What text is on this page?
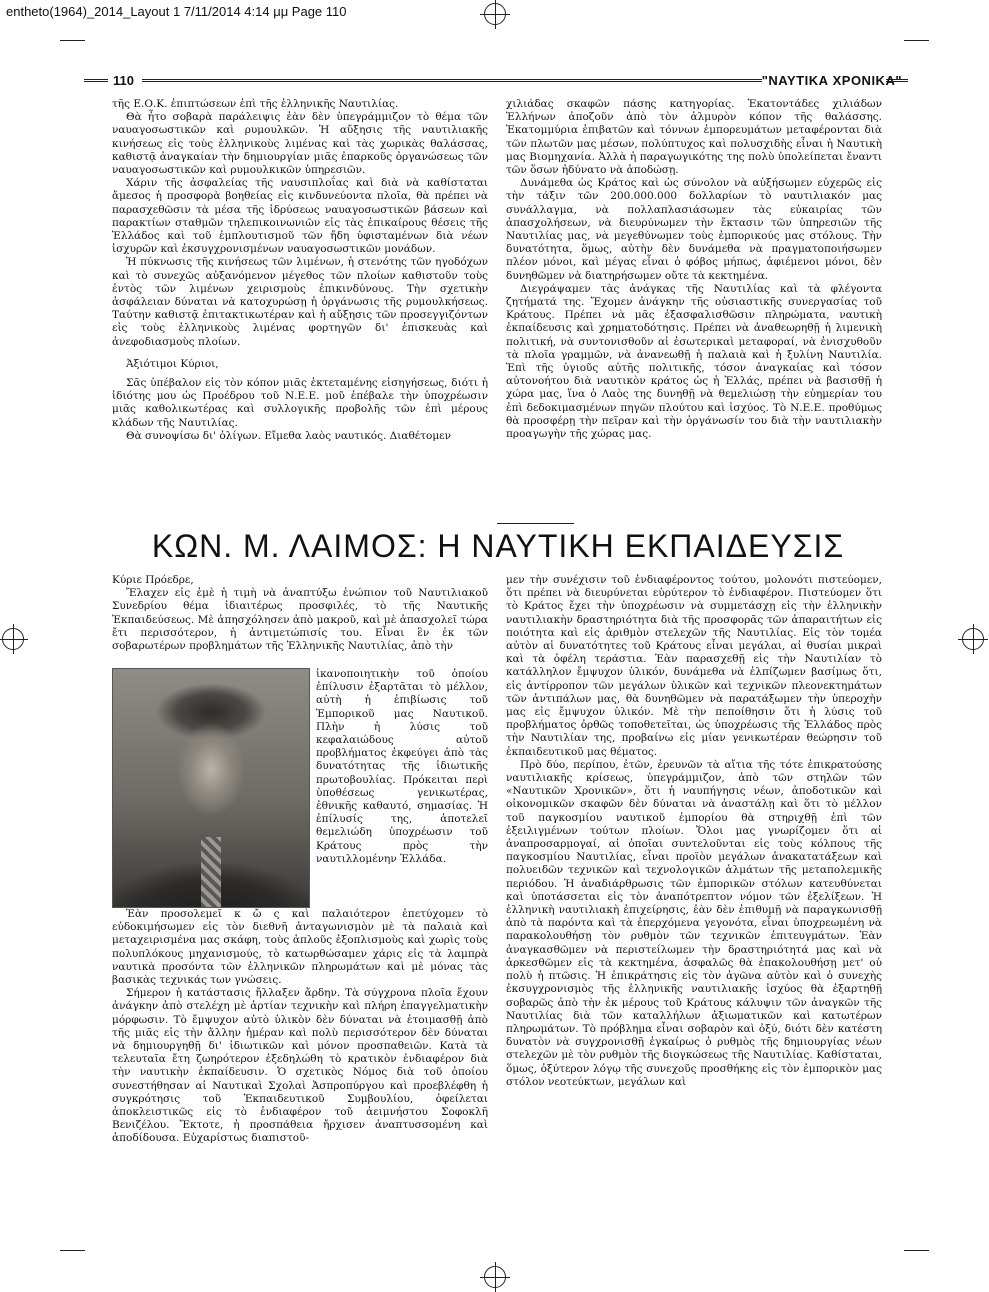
entheto(1964)_2014_Layout 1 7/11/2014 4:14 μμ Page 110
110	"ΝΑΥΤΙΚΑ ΧΡΟΝΙΚΑ"

τῆς Ε.Ο.Κ. ἐπιπτώσεων ἐπὶ τῆς ἑλληνικῆς Ναυτιλίας.

Θὰ ἦτο σοβαρὰ παράλειψις ἐὰν δὲν ὑπεγράμμιζον τὸ θέμα τῶν ναυαγοσωστικῶν καὶ ρυμουλκῶν. Ἡ αὔξησις τῆς ναυτιλιακῆς κινήσεως εἰς τοὺς ἑλληνικοὺς λιμένας καὶ τὰς χωρικὰς θαλάσσας, καθιστᾷ ἀναγκαίαν τὴν δημιουργίαν μιᾶς ἐπαρκοῦς ὀργανώσεως τῶν ναυαγοσωστικῶν καὶ ρυμουλκικῶν ὑπηρεσιῶν.

Χάριν τῆς ἀσφαλείας τῆς ναυσιπλοΐας καὶ διὰ νὰ καθίσταται ἄμεσος ἡ προσφορὰ βοηθείας εἰς κινδυνεύοντα πλοῖα, θὰ πρέπει νὰ παρασχεθῶσιν τὰ μέσα τῆς ἱδρύσεως ναυαγοσωστικῶν βάσεων καὶ παρακτίων σταθμῶν τηλεπικοινωνιῶν εἰς τὰς ἐπικαίρους θέσεις τῆς Ἑλλάδος καὶ τοῦ ἐμπλουτισμοῦ τῶν ἤδη ὑφισταμένων διὰ νέων ἰσχυρῶν καὶ ἐκσυγχρονισμένων ναυαγοσωστικῶν μονάδων.

Ἡ πύκνωσις τῆς κινήσεως τῶν λιμένων, ἡ στενότης τῶν ηγοδόχων καὶ τὸ συνεχῶς αὐξανόμενον μέγεθος τῶν πλοίων καθιστοῦν τοὺς ἐντὸς τῶν λιμένων χειρισμοὺς ἐπικινδύνους. Τὴν σχετικὴν ἀσφάλειαν δύναται νὰ κατοχυρώσῃ ἡ ὀργάνωσις τῆς ρυμουλκήσεως. Ταύτην καθιστᾷ ἐπιτακτικωτέραν καὶ ἡ αὔξησις τῶν προσεγγιζόντων εἰς τοὺς ἑλληνικοὺς λιμένας φορτηγῶν δι' ἐπισκευὰς καὶ ἀνεφοδιασμοὺς πλοίων.

Ἀξιότιμοι Κύριοι,

Σᾶς ὑπέβαλον εἰς τὸν κόπον μιᾶς ἐκτεταμένης εἰσηγήσεως, διότι ἡ ἰδιότης μου ὡς Προέδρου τοῦ Ν.Ε.Ε. μοῦ ἐπέβαλε τὴν ὑποχρέωσιν μιᾶς καθολικωτέρας καὶ συλλογικῆς προβολῆς τῶν ἐπὶ μέρους κλάδων τῆς Ναυτιλίας.

Θὰ συνοψίσω δι' ὀλίγων. Εἴμεθα λαὸς ναυτικός. Διαθέτομεν

χιλιάδας σκαφῶν πάσης κατηγορίας. Ἑκατοντάδες χιλιάδων Ἑλλήνων ἀποζοῦν ἀπὸ τὸν ἁλμυρὸν κόπον τῆς θαλάσσης. Ἑκατομμύρια ἐπιβατῶν καὶ τόννων ἐμπορευμάτων μεταφέρονται διὰ τῶν πλωτῶν μας μέσων, πολύπτυχος καὶ πολυσχιδὴς εἶναι ἡ Ναυτικὴ μας Βιομηχανία. Ἀλλὰ ἡ παραγωγικότης της πολὺ ὑπολείπεται ἔναντι τῶν ὅσων ἠδύνατο νὰ ἀποδώσῃ.

Δυνάμεθα ὡς Κράτος καὶ ὡς σύνολον νὰ αὐξήσωμεν εὐχερῶς εἰς τὴν τάξιν τῶν 200.000.000 δολλαρίων τὸ ναυτιλιακόν μας συνάλλαγμα, νὰ πολλαπλασιάσωμεν τὰς εὐκαιρίας τῶν ἀπασχολήσεων, νὰ διευρύνωμεν τὴν ἔκτασιν τῶν ὑπηρεσιῶν τῆς Ναυτιλίας μας, νὰ μεγεθύνωμεν τοὺς ἐμπορικούς μας στόλους. Τὴν δυνατότητα, ὅμως, αὐτὴν δὲν δυνάμεθα νὰ πραγματοποιήσωμεν πλέον μόνοι, καὶ μέγας εἶναι ὁ φόβος μήπως, ἀφιέμενοι μόνοι, δὲν δυνηθῶμεν νὰ διατηρήσωμεν οὔτε τὰ κεκτημένα.

Διεγράψαμεν τὰς ἀνάγκας τῆς Ναυτιλίας καὶ τὰ φλέγοντα ζητήματά της. Ἔχομεν ἀνάγκην τῆς οὐσιαστικῆς συνεργασίας τοῦ Κράτους. Πρέπει νὰ μᾶς ἐξασφαλισθῶσιν πληρώματα, ναυτικὴ ἐκπαίδευσις καὶ χρηματοδότησις. Πρέπει νὰ ἀναθεωρηθῇ ἡ λιμενικὴ πολιτική, νὰ συντονισθοῦν αἱ ἐσωτερικαὶ μεταφοραί, νὰ ἐνισχυθοῦν τὰ πλοῖα γραμμῶν, νὰ ἀνανεωθῇ ἡ παλαιὰ καὶ ἡ ξυλίνη Ναυτιλία. Ἐπὶ τῆς ὑγιοῦς αὐτῆς πολιτικῆς, τόσον ἀναγκαίας καὶ τόσον αὐτονοήτου διὰ ναυτικὸν κράτος ὡς ἡ Ἑλλάς, πρέπει νὰ βασισθῇ ἡ χώρα μας, ἵνα ὁ Λαὸς της δυνηθῇ νὰ θεμελιώσῃ τὴν εὐημερίαν του ἐπὶ δεδοκιμασμένων πηγῶν πλούτου καὶ ἰσχύος. Τὸ Ν.Ε.Ε. προθύμως θὰ προσφέρῃ τὴν πεῖραν καὶ τὴν ὀργάνωσίν του διὰ τὴν ναυτιλιακὴν προαγωγὴν τῆς χώρας μας.

ΚΩΝ. Μ. ΛΑΙΜΟΣ: Η ΝΑΥΤΙΚΗ ΕΚΠΑΙΔΕΥΣΙΣ

Κύριε Πρόεδρε,

Ἔλαχεν εἰς ἐμὲ ἡ τιμὴ νὰ ἀναπτύξω ἐνώπιον τοῦ Ναυτιλιακοῦ Συνεδρίου θέμα ἰδιαιτέρως προσφιλές, τὸ τῆς Ναυτικῆς Ἐκπαιδεύσεως. Μὲ ἀπησχόλησεν ἀπὸ μακροῦ, καὶ μὲ ἀπασχολεῖ τώρα ἔτι περισσότερον, ἡ ἀντιμετώπισίς του. Εἶναι ἓν ἐκ τῶν σοβαρωτέρων προβλημάτων τῆς Ἑλληνικῆς Ναυτιλίας, ἀπὸ τὴν

ἱκανοποιητικὴν τοῦ ὁποίου ἐπίλυσιν ἐξαρτᾶται τὸ μέλλον, αὐτὴ ἡ ἐπιβίωσις τοῦ Ἐμπορικοῦ μας Ναυτικοῦ. Πλὴν ἡ λύσις τοῦ κεφαλαιώδους αὐτοῦ προβλήματος ἐκφεύγει ἀπὸ τὰς δυνατότητας τῆς ἰδιωτικῆς πρωτοβουλίας. Πρόκειται περὶ ὑποθέσεως γενικωτέρας, ἐθνικῆς καθαυτό, σημασίας. Ἡ ἐπίλυσίς της, ἀποτελεῖ θεμελιώδη ὑποχρέωσιν τοῦ Κράτους πρὸς τὴν ναυτιλλομένην Ἑλλάδα.

Ἐὰν προσολεμεῖ κ ὤ ς καὶ παλαιότερον ἐπετύχομεν τὸ εὐδοκιμήσωμεν εἰς τὸν διεθνῆ ἀνταγωνισμὸν μὲ τὰ παλαιὰ καὶ μεταχειρισμένα μας σκάφη, τοὺς ἁπλοῦς ἐξοπλισμοὺς καὶ χωρὶς τοὺς πολυπλόκους μηχανισμούς, τὸ κατωρθώσαμεν χάρις εἰς τὰ λαμπρὰ ναυτικὰ προσόντα τῶν ἑλληνικῶν πληρωμάτων καὶ μὲ μόνας τὰς βασικὰς τεχνικάς των γνώσεις.

Σήμερον ἡ κατάστασις ἤλλαξεν ἄρδην. Τὰ σύγχρονα πλοῖα ἔχουν ἀνάγκην ἀπὸ στελέχη μὲ ἀρτίαν τεχνικὴν καὶ πλήρη ἐπαγγελματικὴν μόρφωσιν. Τὸ ἔμψυχον αὐτὸ ὑλικὸν δὲν δύναται νὰ ἑτοιμασθῇ ἀπὸ τῆς μιᾶς εἰς τὴν ἄλλην ἡμέραν καὶ πολὺ περισσότερον δὲν δύναται νὰ δημιουργηθῇ δι' ἰδιωτικῶν καὶ μόνον προσπαθειῶν. Κατὰ τὰ τελευταῖα ἔτη ζωηρότερον ἐξεδηλώθη τὸ κρατικὸν ἐνδιαφέρον διὰ τὴν ναυτικὴν ἐκπαίδευσιν. Ὁ σχετικὸς Νόμος διὰ τοῦ ὁποίου συνεστήθησαν αἱ Ναυτικαὶ Σχολαὶ Ἀσπροπύργου καὶ προεβλέφθη ἡ συγκρότησις τοῦ Ἐκπαιδευτικοῦ Συμβουλίου, ὀφείλεται ἀποκλειστικῶς εἰς τὸ ἐνδιαφέρον τοῦ ἀειμνήστου Σοφοκλῆ Βενιζέλου. Ἔκτοτε, ἡ προσπάθεια ἤρχισεν ἀναπτυσσομένη καὶ ἀποδίδουσα. Εὐχαρίστως διαπιστοῦ-

μεν τὴν συνέχισιν τοῦ ἐνδιαφέροντος τούτου, μολονότι πιστεύομεν, ὅτι πρέπει νὰ διευρύνεται εὐρύτερον τὸ ἐνδιαφέρον. Πιστεύομεν ὅτι τὸ Κράτος ἔχει τὴν ὑποχρέωσιν νὰ συμμετάσχῃ εἰς τὴν ἑλληνικὴν ναυτιλιακὴν δραστηριότητα διὰ τῆς προσφορᾶς τῶν ἀπαραιτήτων εἰς ποιότητα καὶ εἰς ἀριθμὸν στελεχῶν τῆς Ναυτιλίας. Εἰς τὸν τομέα αὐτὸν αἱ δυνατότητες τοῦ Κράτους εἶναι μεγάλαι, αἱ θυσίαι μικραὶ καὶ τὰ ὀφέλη τεράστια. Ἐὰν παρασχεθῇ εἰς τὴν Ναυτιλίαν τὸ κατάλληλον ἔμψυχον ὑλικόν, δυνάμεθα νὰ ἐλπίζωμεν βασίμως ὅτι, εἰς ἀντίρροπον τῶν μεγάλων ὑλικῶν καὶ τεχνικῶν πλεονεκτημάτων τῶν ἀντιπάλων μας, θὰ δυνηθῶμεν νὰ παρατάξωμεν τὴν ὑπεροχὴν μας εἰς ἔμψυχον ὑλικόν. Μὲ τὴν πεποίθησιν ὅτι ἡ λύσις τοῦ προβλήματος ὀρθῶς τοποθετεῖται, ὡς ὑποχρέωσις τῆς Ἑλλάδος πρὸς τὴν Ναυτιλίαν της, προβαίνω εἰς μίαν γενικωτέραν θεώρησιν τοῦ ἐκπαιδευτικοῦ μας θέματος.

Πρὸ δύο, περίπου, ἐτῶν, ἐρευνῶν τὰ αἴτια τῆς τότε ἐπικρατούσης ναυτιλιακῆς κρίσεως, ὑπεγράμμιζον, ἀπὸ τῶν στηλῶν τῶν «Ναυτικῶν Χρονικῶν», ὅτι ἡ ναυπήγησις νέων, ἀποδοτικῶν καὶ οἰκονομικῶν σκαφῶν δὲν δύναται νὰ ἀναστάλῃ καὶ ὅτι τὸ μέλλον τοῦ παγκοσμίου ναυτικοῦ ἐμπορίου θὰ στηριχθῇ ἐπὶ τῶν ἐξειλιγμένων τούτων πλοίων. Ὅλοι μας γνωρίζομεν ὅτι αἱ ἀναπροσαρμογαί, αἱ ὁποῖαι συντελοῦνται εἰς τοὺς κόλπους τῆς παγκοσμίου Ναυτιλίας, εἶναι προϊὸν μεγάλων ἀνακατατάξεων καὶ πολυειδῶν τεχνικῶν καὶ τεχνολογικῶν ἁλμάτων τῆς μεταπολεμικῆς περιόδου. Ἡ ἀναδιάρθρωσις τῶν ἐμπορικῶν στόλων κατευθύνεται καὶ ὑποτάσσεται εἰς τὸν ἀναπότρεπτον νόμον τῶν ἐξελίξεων. Ἡ ἑλληνικὴ ναυτιλιακὴ ἐπιχείρησις, ἐὰν δὲν ἐπιθυμῇ νὰ παραγκωνισθῇ ἀπὸ τὰ παρόντα καὶ τὰ ἐπερχόμενα γεγονότα, εἶναι ὑποχρεωμένη νὰ παρακολουθήσῃ τὸν ρυθμὸν τῶν τεχνικῶν ἐπιτευγμάτων. Ἐὰν ἀναγκασθῶμεν νὰ περιστείλωμεν τὴν δραστηριότητά μας καὶ νὰ ἀρκεσθῶμεν εἰς τὰ κεκτημένα, ἀσφαλῶς θὰ ἐπακολουθήσῃ μετ' οὐ πολὺ ἡ πτῶσις. Ἡ ἐπικράτησις εἰς τὸν ἀγῶνα αὐτὸν καὶ ὁ συνεχὴς ἐκσυγχρονισμὸς τῆς ἑλληνικῆς ναυτιλιακῆς ἰσχύος θὰ ἐξαρτηθῇ σοβαρῶς ἀπὸ τὴν ἐκ μέρους τοῦ Κράτους κάλυψιν τῶν ἀναγκῶν τῆς Ναυτιλίας διὰ τῶν καταλλήλων ἀξιωματικῶν καὶ κατωτέρων πληρωμάτων. Τὸ πρόβλημα εἶναι σοβαρὸν καὶ ὀξύ, διότι δὲν κατέστη δυνατὸν νὰ συγχρονισθῇ ἐγκαίρως ὁ ρυθμὸς τῆς δημιουργίας νέων στελεχῶν μὲ τὸν ρυθμὸν τῆς διογκώσεως τῆς Ναυτιλίας. Καθίσταται, ὅμως, ὀξύτερον λόγῳ τῆς συνεχοῦς προσθήκης εἰς τὸν ἐμπορικὸν μας στόλον νεοτεύκτων, μεγάλων καὶ
